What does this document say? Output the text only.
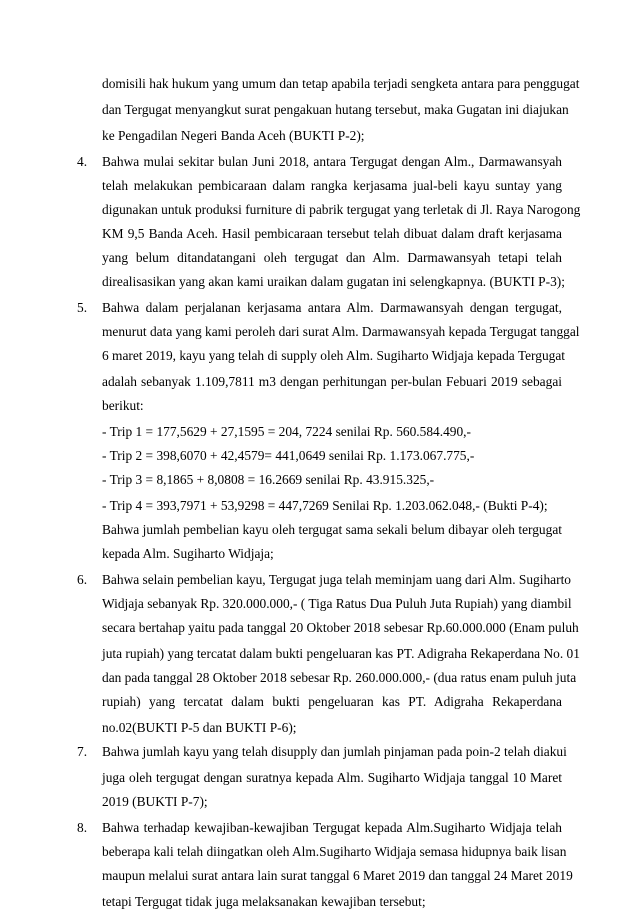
domisili hak hukum yang umum dan tetap apabila terjadi sengketa antara para penggugat
dan Tergugat menyangkut surat pengakuan hutang tersebut, maka Gugatan ini diajukan
ke Pengadilan Negeri Banda Aceh (BUKTI P-2);
4. Bahwa mulai sekitar bulan Juni 2018, antara Tergugat dengan Alm., Darmawansyah
telah melakukan pembicaraan dalam rangka kerjasama jual-beli kayu suntay yang
digunakan untuk produksi furniture di pabrik tergugat yang terletak di Jl. Raya Narogong
KM 9,5 Banda Aceh. Hasil pembicaraan tersebut telah dibuat dalam draft kerjasama
yang belum ditandatangani oleh tergugat dan Alm. Darmawansyah tetapi telah
direalisasikan yang akan kami uraikan dalam gugatan ini selengkapnya. (BUKTI P-3);
5. Bahwa dalam perjalanan kerjasama antara Alm. Darmawansyah dengan tergugat,
menurut data yang kami peroleh dari surat Alm. Darmawansyah kepada Tergugat tanggal
6 maret 2019, kayu yang telah di supply oleh Alm. Sugiharto Widjaja kepada Tergugat
adalah sebanyak 1.109,7811 m3 dengan perhitungan per-bulan Febuari 2019 sebagai
berikut:
- Trip 1 = 177,5629 + 27,1595 = 204, 7224 senilai Rp. 560.584.490,-
- Trip 2 = 398,6070 + 42,4579= 441,0649 senilai Rp. 1.173.067.775,-
- Trip 3 = 8,1865 + 8,0808 = 16.2669 senilai Rp. 43.915.325,-
- Trip 4 = 393,7971 + 53,9298 = 447,7269 Senilai Rp. 1.203.062.048,- (Bukti P-4);
Bahwa jumlah pembelian kayu oleh tergugat sama sekali belum dibayar oleh tergugat
kepada Alm. Sugiharto Widjaja;
6. Bahwa selain pembelian kayu, Tergugat juga telah meminjam uang dari Alm. Sugiharto
Widjaja sebanyak Rp. 320.000.000,- ( Tiga Ratus Dua Puluh Juta Rupiah) yang diambil
secara bertahap yaitu pada tanggal 20 Oktober 2018 sebesar Rp.60.000.000 (Enam puluh
juta rupiah) yang tercatat dalam bukti pengeluaran kas PT. Adigraha Rekaperdana No. 01
dan pada tanggal 28 Oktober 2018 sebesar Rp. 260.000.000,- (dua ratus enam puluh juta
rupiah) yang tercatat dalam bukti pengeluaran kas PT. Adigraha Rekaperdana
no.02(BUKTI P-5 dan BUKTI P-6);
7. Bahwa jumlah kayu yang telah disupply dan jumlah pinjaman pada poin-2 telah diakui
juga oleh tergugat dengan suratnya kepada Alm. Sugiharto Widjaja tanggal 10 Maret
2019 (BUKTI P-7);
8. Bahwa terhadap kewajiban-kewajiban Tergugat kepada Alm.Sugiharto Widjaja telah
beberapa kali telah diingatkan oleh Alm.Sugiharto Widjaja semasa hidupnya baik lisan
maupun melalui surat antara lain surat tanggal 6 Maret 2019 dan tanggal 24 Maret 2019
tetapi Tergugat tidak juga melaksanakan kewajiban tersebut;
